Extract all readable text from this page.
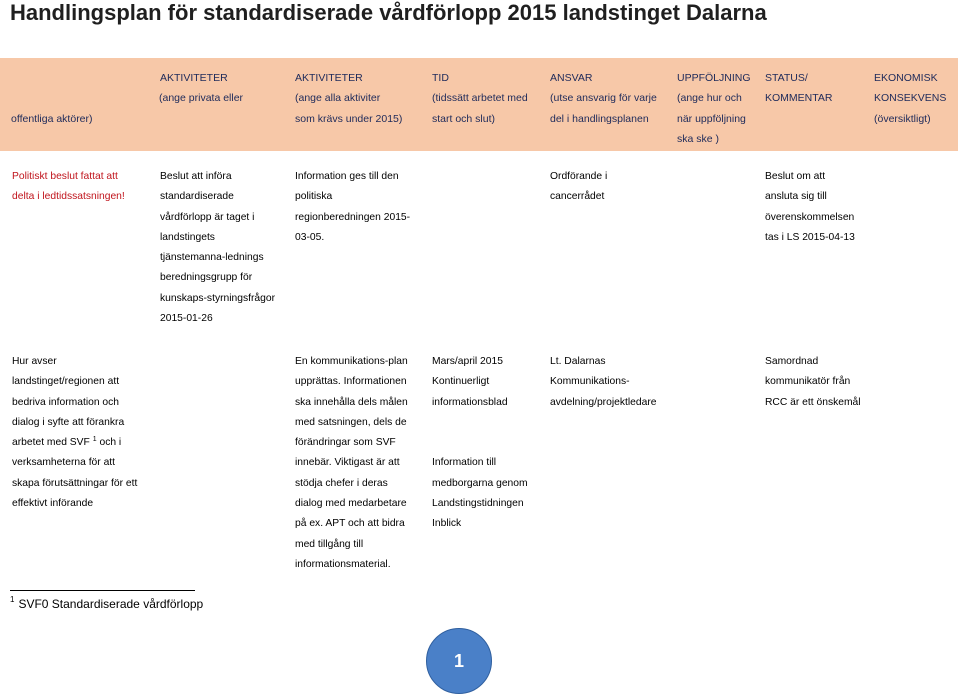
Handlingsplan för standardiserade vårdförlopp 2015 landstinget Dalarna
AKTIVITETER
(ange privata eller
offentliga aktörer)
AKTIVITETER
(ange alla aktiviter
som krävs under 2015)
TID
(tidssätt arbetet med
start och slut)
ANSVAR
(utse ansvarig för varje
del i handlingsplanen
UPPFÖLJNING
(ange hur och
när uppföljning
ska ske )
STATUS/
KOMMENTAR
EKONOMISK
KONSEKVENS
(översiktligt)
Politiskt beslut fattat att
delta i ledtidssatsningen!
Beslut att införa
standardiserade
vårdförlopp är taget i
landstingets
tjänstemanna-lednings
beredningsgrupp för
kunskaps-styrningsfrågor
2015-01-26
Information ges till den
politiska
regionberedningen 2015-
03-05.
Ordförande i
cancerrådet
Beslut om att
ansluta sig till
överenskommelsen
tas i LS 2015-04-13
Hur avser
landstinget/regionen att
bedriva information och
dialog i syfte att förankra
arbetet med SVF $^1$ och i
verksamheterna för att
skapa förutsättningar för ett
effektivt införande
En kommunikations-plan
upprättas. Informationen
ska innehålla dels målen
med satsningen, dels de
förändringar som SVF
innebär. Viktigast är att
stödja chefer i deras
dialog med medarbetare
på ex. APT och att bidra
med tillgång till
informationsmaterial.
Mars/april 2015
Kontinuerligt
informationsblad

Information till
medborgarna genom
Landstingstidningen
Inblick
Lt. Dalarnas
Kommunikations-
avdelning/projektledare
Samordnad
kommunikatör från
RCC är ett önskemål
$^1$ SVF0 Standardiserade vårdförlopp
1
